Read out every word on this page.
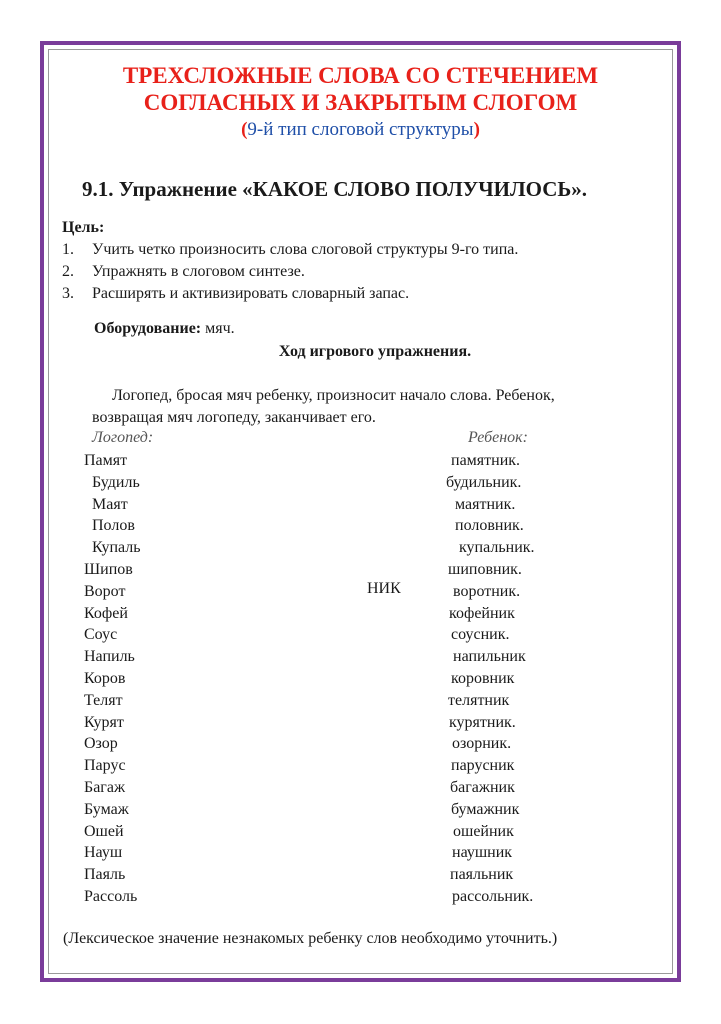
ТРЕХСЛОЖНЫЕ СЛОВА СО СТЕЧЕНИЕМ
СОГЛАСНЫХ И ЗАКРЫТЫМ СЛОГОМ
(9-й тип слоговой структуры)
9.1. Упражнение «КАКОЕ СЛОВО ПОЛУЧИЛОСЬ».
Цель:
1. Учить четко произносить слова слоговой структуры 9-го типа.
2. Упражнять в слоговом синтезе.
3. Расширять и активизировать словарный запас.
Оборудование: мяч.
Ход игрового упражнения.
Логопед, бросая мяч ребенку, произносит начало слова. Ребенок,
возвращая мяч логопеду, заканчивает его.
Логопед:	Ребенок:
Памят
Будиль
Маят
Полов
Купаль
Шипов
Ворот
Кофей
Соус
Напиль
Коров
Телят
Курят
Озор
Парус
Багаж
Бумаж
Ошей
Науш
Паяль
Рассоль
памятник.
будильник.
маятник.
половник.
купальник.
шиповник.
воротник.
кофейник
соусник.
напильник
коровник
телятник
курятник.
озорник.
парусник
багажник
бумажник
ошейник
наушник
паяльник
рассольник.
НИК
(Лексическое значение незнакомых ребенку слов необходимо уточнить.)
